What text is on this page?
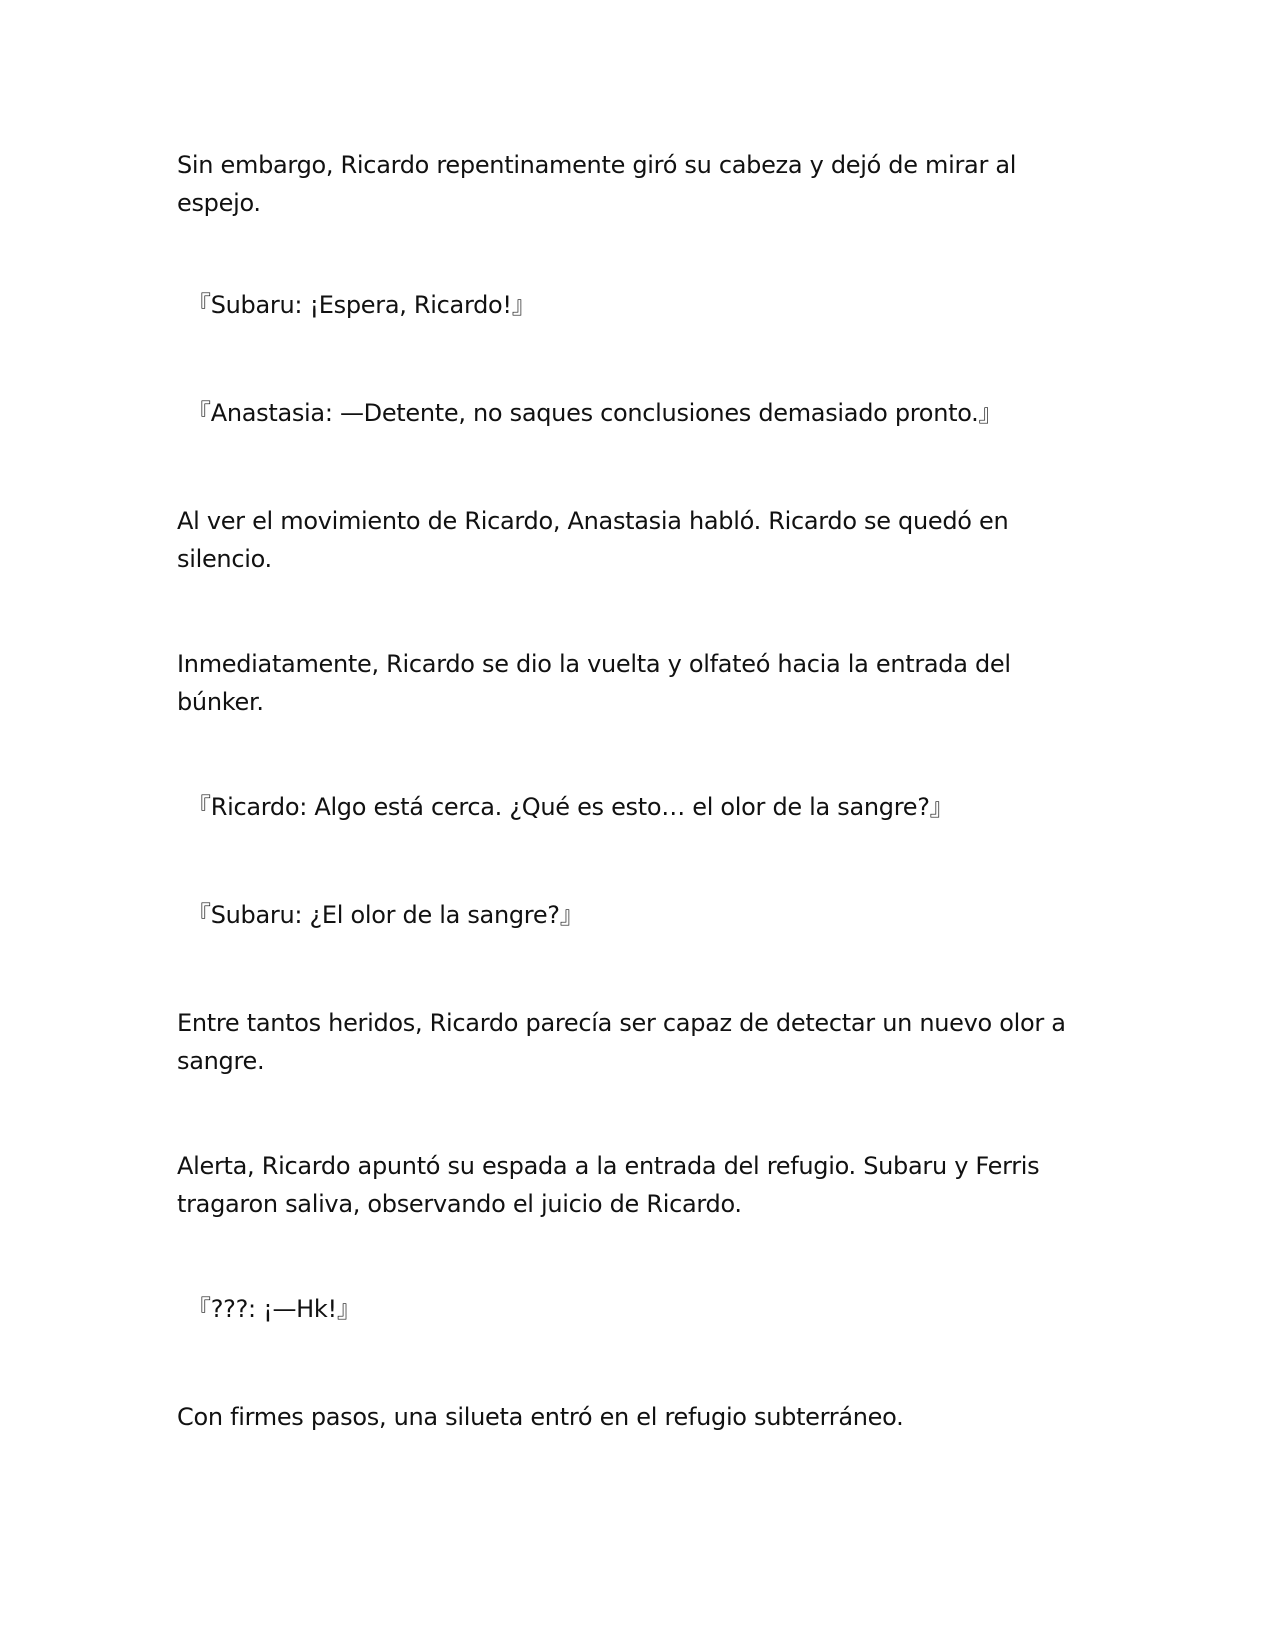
Sin embargo, Ricardo repentinamente giró su cabeza y dejó de mirar al espejo.

『Subaru: ¡Espera, Ricardo!』

『Anastasia: —Detente, no saques conclusiones demasiado pronto.』

Al ver el movimiento de Ricardo, Anastasia habló. Ricardo se quedó en silencio.

Inmediatamente, Ricardo se dio la vuelta y olfateó hacia la entrada del búnker.

『Ricardo: Algo está cerca. ¿Qué es esto… el olor de la sangre?』

『Subaru: ¿El olor de la sangre?』

Entre tantos heridos, Ricardo parecía ser capaz de detectar un nuevo olor a sangre.

Alerta, Ricardo apuntó su espada a la entrada del refugio. Subaru y Ferris tragaron saliva, observando el juicio de Ricardo.

『???: ¡—Hk!』

Con firmes pasos, una silueta entró en el refugio subterráneo.
